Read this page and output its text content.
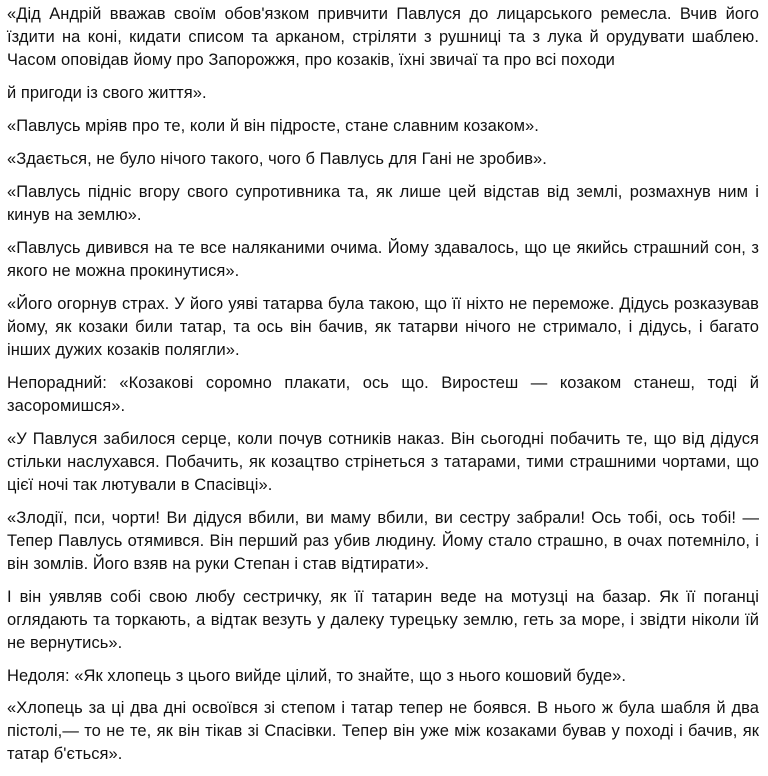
«Дід Андрій вважав своїм обов'язком привчити Павлуся до лицарського ремесла. Вчив його їздити на коні, кидати списом та арканом, стріляти з рушниці та з лука й орудувати шаблею. Часом оповідав йому про Запорожжя, про козаків, їхні звичаї та про всі походи

й пригоди із свого життя».

«Павлусь мріяв про те, коли й він підросте, стане славним козаком».

«Здається, не було нічого такого, чого б Павлусь для Гані не зробив».

«Павлусь підніс вгору свого супротивника та, як лише цей відстав від землі, розмахнув ним і кинув на землю».

«Павлусь дивився на те все наляканими очима. Йому здавалось, що це якийсь страшний сон, з якого не можна прокинутися».

«Його огорнув страх. У його уяві татарва була такою, що її ніхто не переможе. Дідусь розказував йому, як козаки били татар, та ось він бачив, як татарви нічого не стримало, і дідусь, і багато інших дужих козаків полягли».

Непорадний: «Козакові соромно плакати, ось що. Виростеш — козаком станеш, тоді й засоромишся».

«У Павлуся забилося серце, коли почув сотників наказ. Він сьогодні побачить те, що від дідуся стільки наслухався. Побачить, як козацтво стрінеться з татарами, тими страшними чортами, що цієї ночі так лютували в Спасівці».

«Злодії, пси, чорти! Ви дідуся вбили, ви маму вбили, ви сестру забрали! Ось тобі, ось тобі! — Тепер Павлусь отямився. Він перший раз убив людину. Йому стало страшно, в очах потемніло, і він зомлів. Його взяв на руки Степан і став відтирати».

І він уявляв собі свою любу сестричку, як її татарин веде на мотузці на базар. Як її поганці оглядають та торкають, а відтак везуть у далеку турецьку землю, геть за море, і звідти ніколи їй не вернутись».

Недоля: «Як хлопець з цього вийде цілий, то знайте, що з нього кошовий буде».

«Хлопець за ці два дні освоївся зі степом і татар тепер не боявся. В нього ж була шабля й два пістолі,— то не те, як він тікав зі Спасівки. Тепер він уже між козаками бував у поході і бачив, як татар б'ється».
